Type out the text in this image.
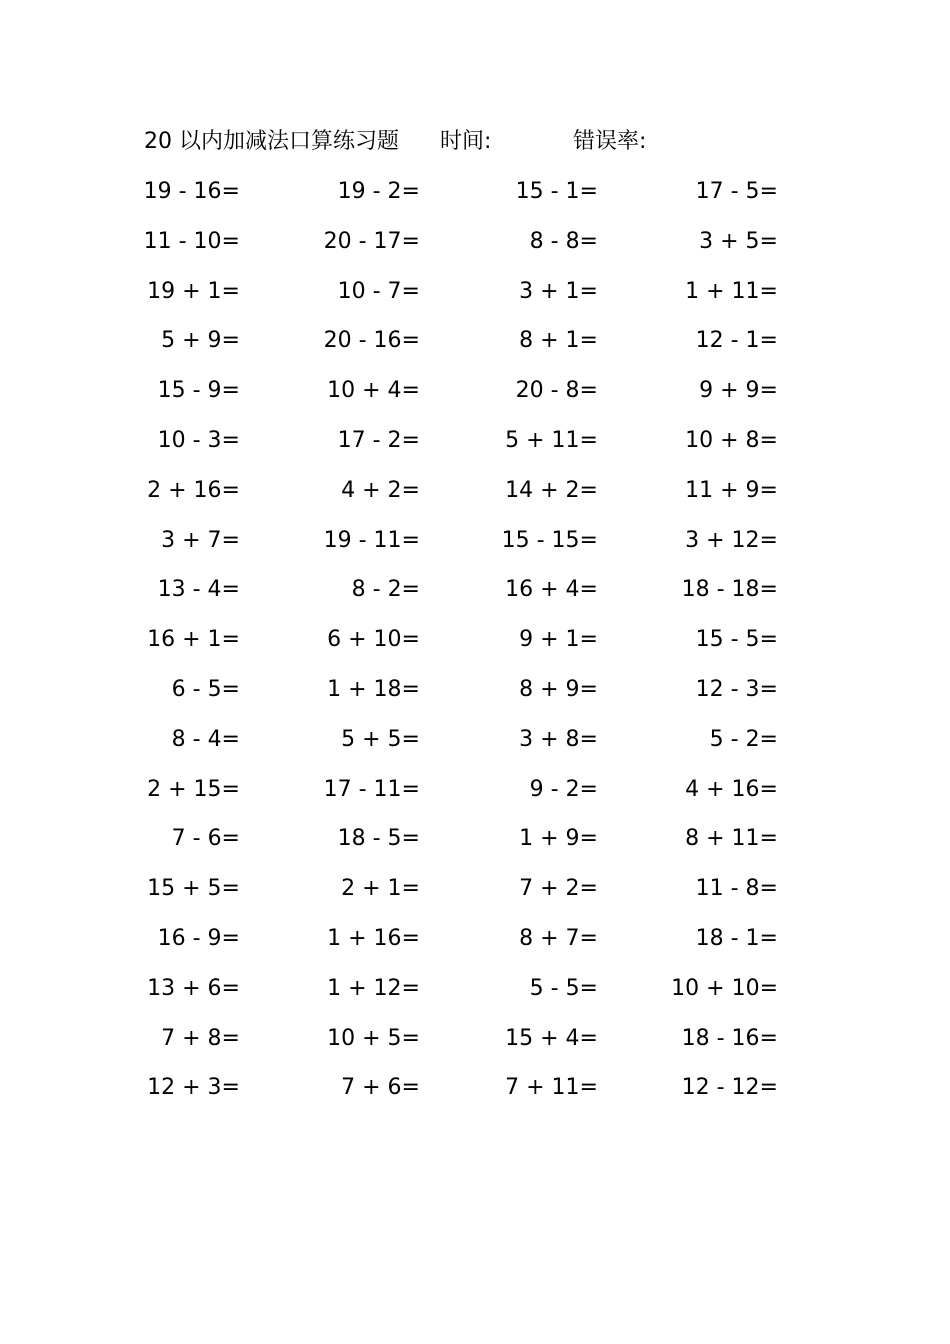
20 以内加减法口算练习题 时间:	错误率:
19 - 16=	19 - 2=	15 - 1=	17 - 5=
11 - 10=	20 - 17=	8 - 8=	3 + 5=
19 + 1=	10 - 7=	3 + 1=	1 + 11=
5 + 9=	20 - 16=	8 + 1=	12 - 1=
15 - 9=	10 + 4=	20 - 8=	9 + 9=
10 - 3=	17 - 2=	5 + 11=	10 + 8=
2 + 16=	4 + 2=	14 + 2=	11 + 9=
3 + 7=	19 - 11=	15 - 15=	3 + 12=
13 - 4=	8 - 2=	16 + 4=	18 - 18=
16 + 1=	6 + 10=	9 + 1=	15 - 5=
6 - 5=	1 + 18=	8 + 9=	12 - 3=
8 - 4=	5 + 5=	3 + 8=	5 - 2=
2 + 15=	17 - 11=	9 - 2=	4 + 16=
7 - 6=	18 - 5=	1 + 9=	8 + 11=
15 + 5=	2 + 1=	7 + 2=	11 - 8=
16 - 9=	1 + 16=	8 + 7=	18 - 1=
13 + 6=	1 + 12=	5 - 5=	10 + 10=
7 + 8=	10 + 5=	15 + 4=	18 - 16=
12 + 3=	7 + 6=	7 + 11=	12 - 12=
